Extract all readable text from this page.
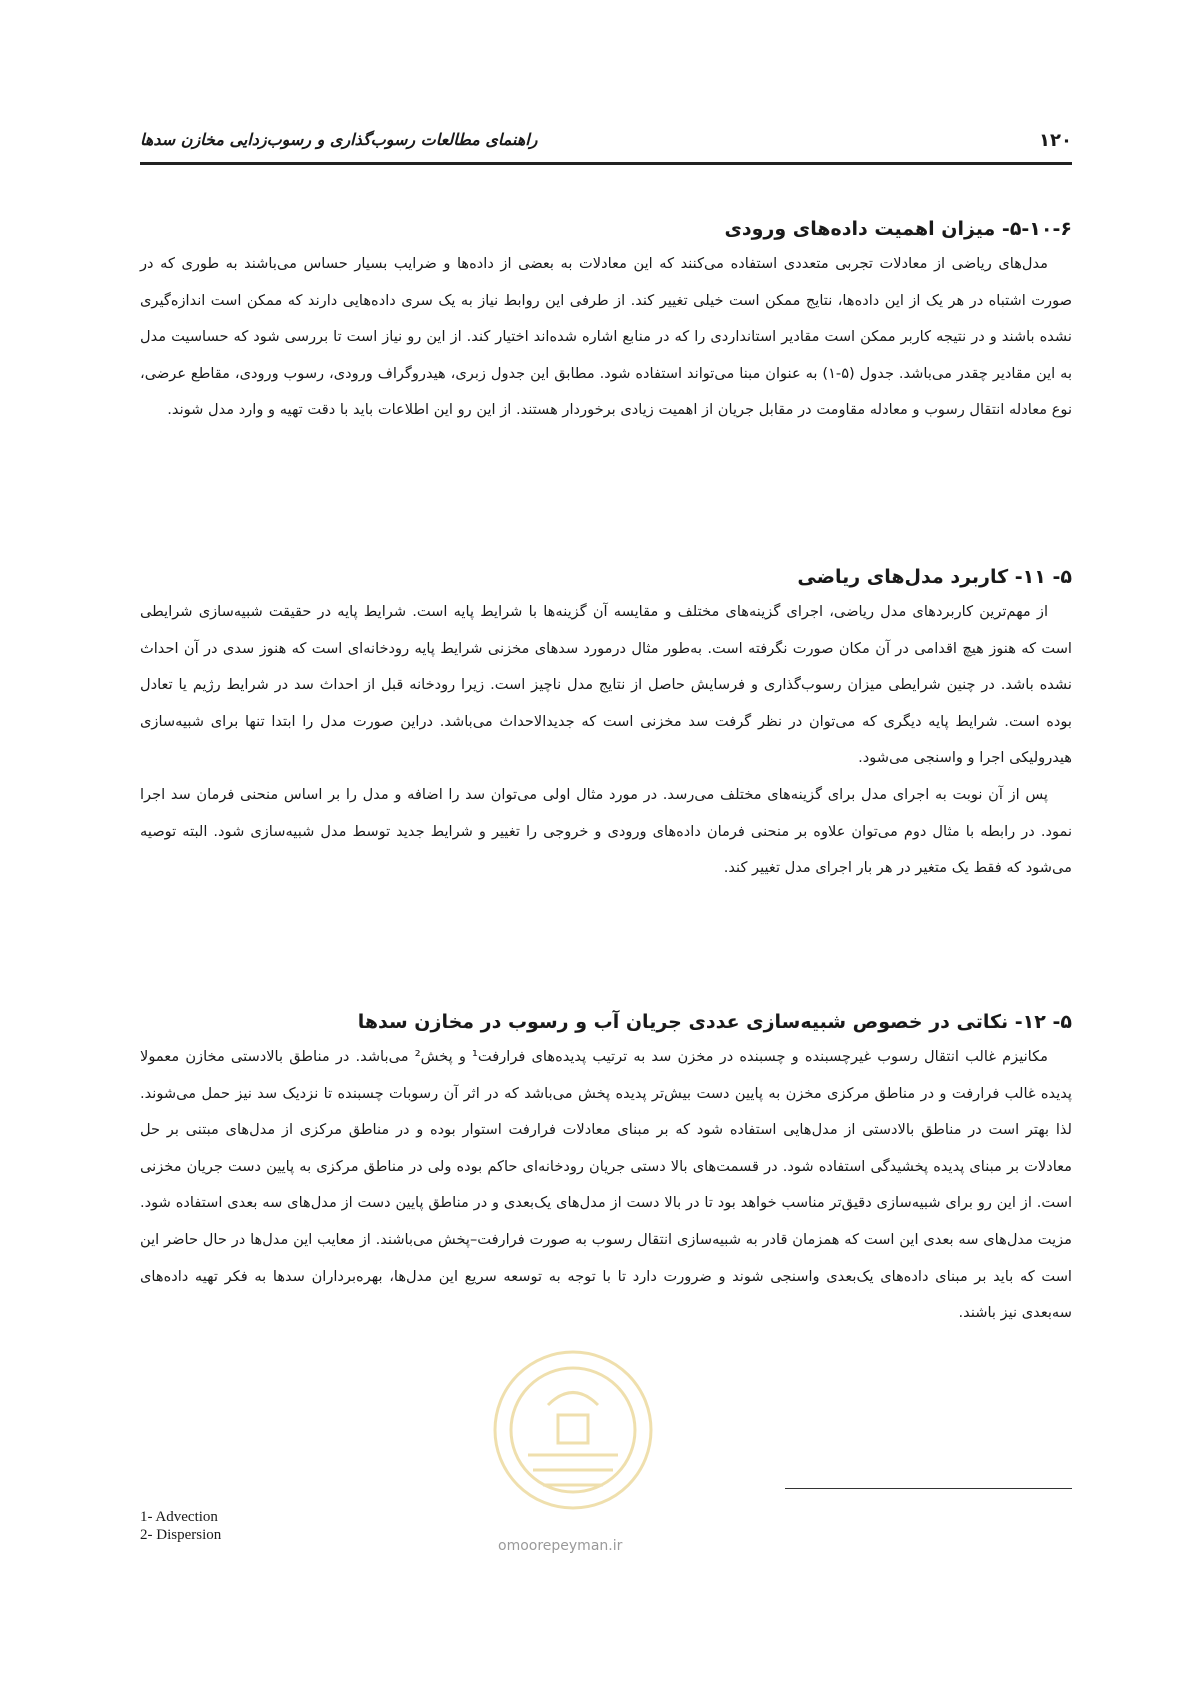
۱۲۰
راهنمای مطالعات رسوب‌گذاری و رسوب‌زدایی مخازن سدها
۵-۱۰-۶- میزان اهمیت داده‌های ورودی

مدل‌های ریاضی از معادلات تجربی متعددی استفاده می‌کنند که این معادلات به بعضی از داده‌ها و ضرایب بسیار حساس می‌باشند به طوری که در صورت اشتباه در هر یک از این داده‌ها، نتایج ممکن است خیلی تغییر کند. از طرفی این روابط نیاز به یک سری داده‌هایی دارند که ممکن است اندازه‌گیری نشده باشند و در نتیجه کاربر ممکن است مقادیر استانداردی را که در منابع اشاره شده‌اند اختیار کند. از این رو نیاز است تا بررسی شود که حساسیت مدل به این مقادیر چقدر می‌باشد. جدول (۵-۱) به عنوان مبنا می‌تواند استفاده شود. مطابق این جدول زبری، هیدروگراف ورودی، رسوب ورودی، مقاطع عرضی، نوع معادله انتقال رسوب و معادله مقاومت در مقابل جریان از اهمیت زیادی برخوردار هستند. از این رو این اطلاعات باید با دقت تهیه و وارد مدل شوند.

۵- ۱۱- کاربرد مدل‌های ریاضی

از مهم‌ترین کاربردهای مدل ریاضی، اجرای گزینه‌های مختلف و مقایسه آن گزینه‌ها با شرایط پایه است. شرایط پایه در حقیقت شبیه‌سازی شرایطی است که هنوز هیچ اقدامی در آن مکان صورت نگرفته است. به‌طور مثال درمورد سدهای مخزنی شرایط پایه رودخانه‌ای است که هنوز سدی در آن احداث نشده باشد. در چنین شرایطی میزان رسوب‌گذاری و فرسایش حاصل از نتایج مدل ناچیز است. زیرا رودخانه قبل از احداث سد در شرایط رژیم یا تعادل بوده است. شرایط پایه دیگری که می‌توان در نظر گرفت سد مخزنی است که جدیدالاحداث می‌باشد. دراین صورت مدل را ابتدا تنها برای شبیه‌سازی هیدرولیکی اجرا و واسنجی می‌شود.

پس از آن نوبت به اجرای مدل برای گزینه‌های مختلف می‌رسد. در مورد مثال اولی می‌توان سد را اضافه و مدل را بر اساس منحنی فرمان سد اجرا نمود. در رابطه با مثال دوم می‌توان علاوه بر منحنی فرمان داده‌های ورودی و خروجی را تغییر و شرایط جدید توسط مدل شبیه‌سازی شود. البته توصیه می‌شود که فقط یک متغیر در هر بار اجرای مدل تغییر کند.

۵- ۱۲- نکاتی در خصوص شبیه‌سازی عددی جریان آب و رسوب در مخازن سدها

مکانیزم غالب انتقال رسوب غیرچسبنده و چسبنده در مخزن سد به ترتیب پدیده‌های فرارفت¹ و پخش² می‌باشد. در مناطق بالادستی مخازن معمولا پدیده غالب فرارفت و در مناطق مرکزی مخزن به پایین دست بیش‌تر پدیده پخش می‌باشد که در اثر آن رسوبات چسبنده تا نزدیک سد نیز حمل می‌شوند. لذا بهتر است در مناطق بالادستی از مدل‌هایی استفاده شود که بر مبنای معادلات فرارفت استوار بوده و در مناطق مرکزی از مدل‌های مبتنی بر حل معادلات بر مبنای پدیده پخشیدگی استفاده شود. در قسمت‌های بالا دستی جریان رودخانه‌ای حاکم بوده ولی در مناطق مرکزی به پایین دست جریان مخزنی است. از این رو برای شبیه‌سازی دقیق‌تر مناسب خواهد بود تا در بالا دست از مدل‌های یک‌بعدی و در مناطق پایین دست از مدل‌های سه بعدی استفاده شود. مزیت مدل‌های سه بعدی این است که همزمان قادر به شبیه‌سازی انتقال رسوب به صورت فرارفت–پخش می‌باشند. از معایب این مدل‌ها در حال حاضر این است که باید بر مبنای داده‌های یک‌بعدی واسنجی شوند و ضرورت دارد تا با توجه به توسعه سریع این مدل‌ها، بهره‌برداران سدها به فکر تهیه داده‌های سه‌بعدی نیز باشند.

omoorepeyman.ir
1- Advection
2- Dispersion
